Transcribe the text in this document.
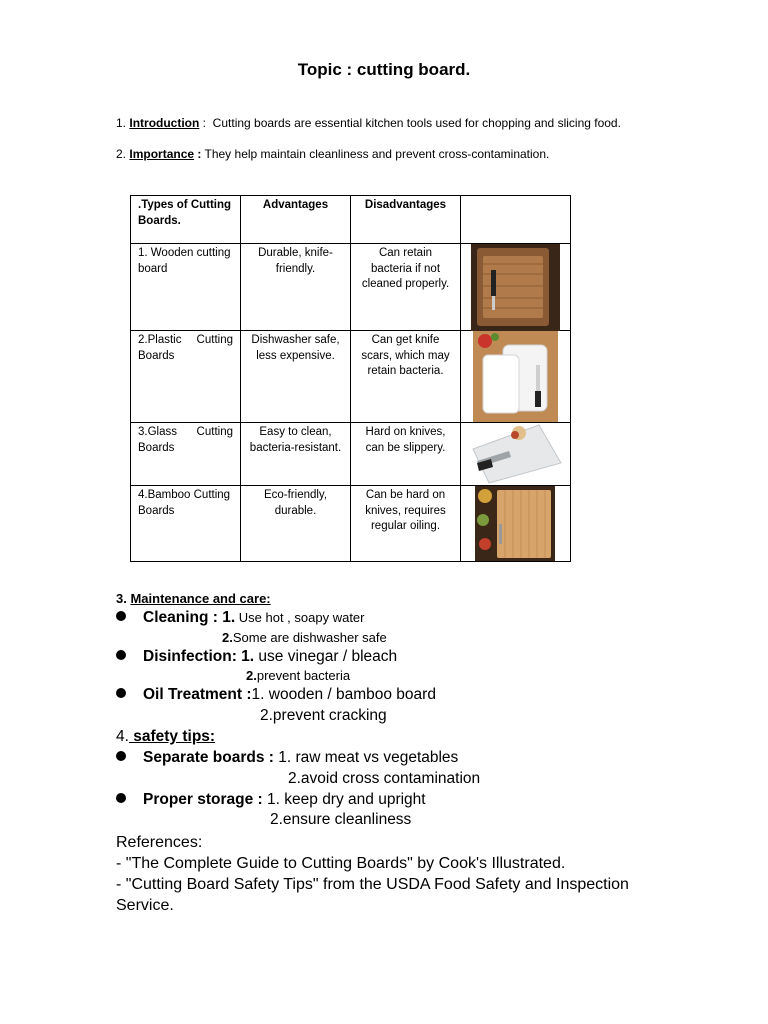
Topic : cutting board.
1. Introduction :  Cutting boards are essential kitchen tools used for chopping and slicing food.
2. Importance : They help maintain cleanliness and prevent cross-contamination.
.Types of Cutting Boards.	Advantages	Disadvantages	
1. Wooden cutting board	Durable, knife-friendly.	Can retain bacteria if not cleaned properly.	

2.Plastic Cutting Boards	Dishwasher safe, less expensive.	Can get knife scars, which may retain bacteria.	

3.Glass Cutting Boards	Easy to clean, bacteria-resistant.	Hard on knives, can be slippery.	

4.Bamboo Cutting Boards	Eco-friendly, durable.	Can be hard on knives, requires regular oiling.	
3. Maintenance and care:
Cleaning : 1. Use hot , soapy water
2.Some are dishwasher safe
Disinfection: 1. use vinegar / bleach
2.prevent bacteria
Oil Treatment :1. wooden / bamboo board
2.prevent cracking
4. safety tips:
Separate boards : 1. raw meat vs vegetables
2.avoid cross contamination
Proper storage : 1. keep dry and upright
2.ensure cleanliness
References:
- "The Complete Guide to Cutting Boards" by Cook's Illustrated.
- "Cutting Board Safety Tips" from the USDA Food Safety and Inspection Service.
